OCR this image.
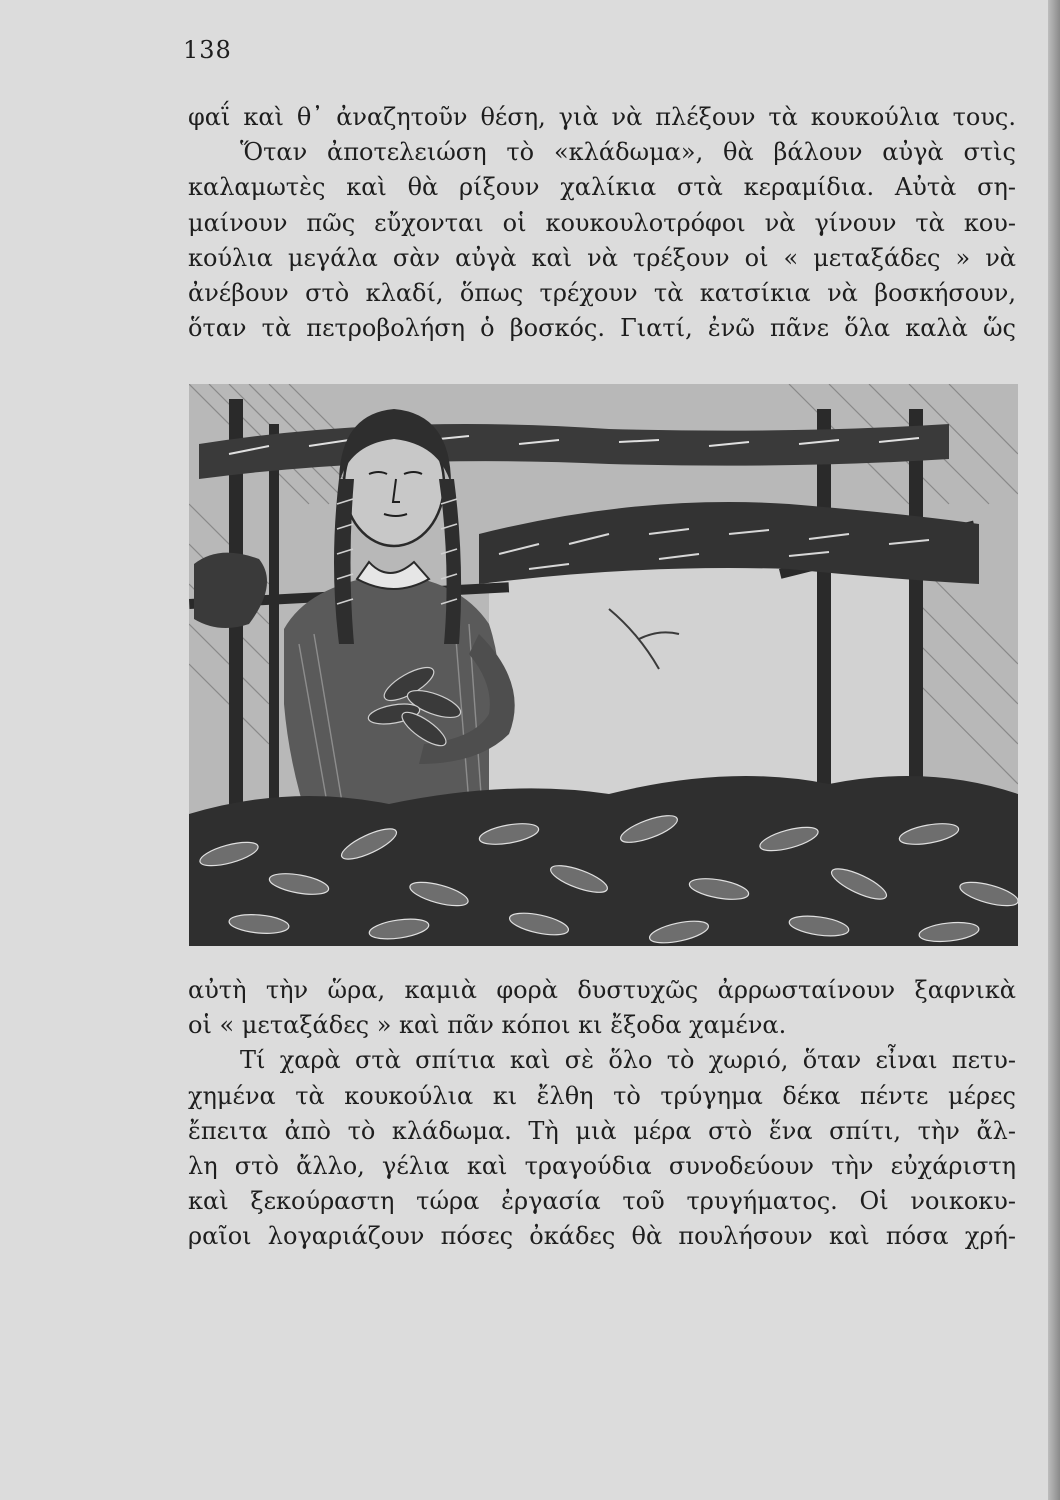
138
φαΐ καὶ θ᾽ ἀναζητοῦν θέση, γιὰ νὰ πλέξουν τὰ κουκούλια τους.
Ὅταν ἀποτελειώση τὸ «κλάδωμα», θὰ βάλουν αὐγὰ στὶς
καλαμωτὲς καὶ θὰ ρίξουν χαλίκια στὰ κεραμίδια. Αὐτὰ ση-
μαίνουν πῶς εὔχονται οἱ κουκουλοτρόφοι νὰ γίνουν τὰ κου-
κούλια μεγάλα σὰν αὐγὰ καὶ νὰ τρέξουν οἱ « μεταξάδες » νὰ
ἀνέβουν στὸ κλαδί, ὅπως τρέχουν τὰ κατσίκια νὰ βοσκήσουν,
ὅταν τὰ πετροβολήση ὁ βοσκός. Γιατί, ἐνῶ πᾶνε ὅλα καλὰ ὥς
αὐτὴ τὴν ὥρα, καμιὰ φορὰ δυστυχῶς ἀρρωσταίνουν ξαφνικὰ
οἱ « μεταξάδες » καὶ πᾶν κόποι κι ἔξοδα χαμένα.
Τί χαρὰ στὰ σπίτια καὶ σὲ ὅλο τὸ χωριό, ὅταν εἶναι πετυ-
χημένα τὰ κουκούλια κι ἔλθη τὸ τρύγημα δέκα πέντε μέρες
ἔπειτα ἀπὸ τὸ κλάδωμα. Τὴ μιὰ μέρα στὸ ἕνα σπίτι, τὴν ἄλ-
λη στὸ ἄλλο, γέλια καὶ τραγούδια συνοδεύουν τὴν εὐχάριστη
καὶ ξεκούραστη τώρα ἐργασία τοῦ τρυγήματος. Οἱ νοικοκυ-
ραῖοι λογαριάζουν πόσες ὀκάδες θὰ πουλήσουν καὶ πόσα χρή-
